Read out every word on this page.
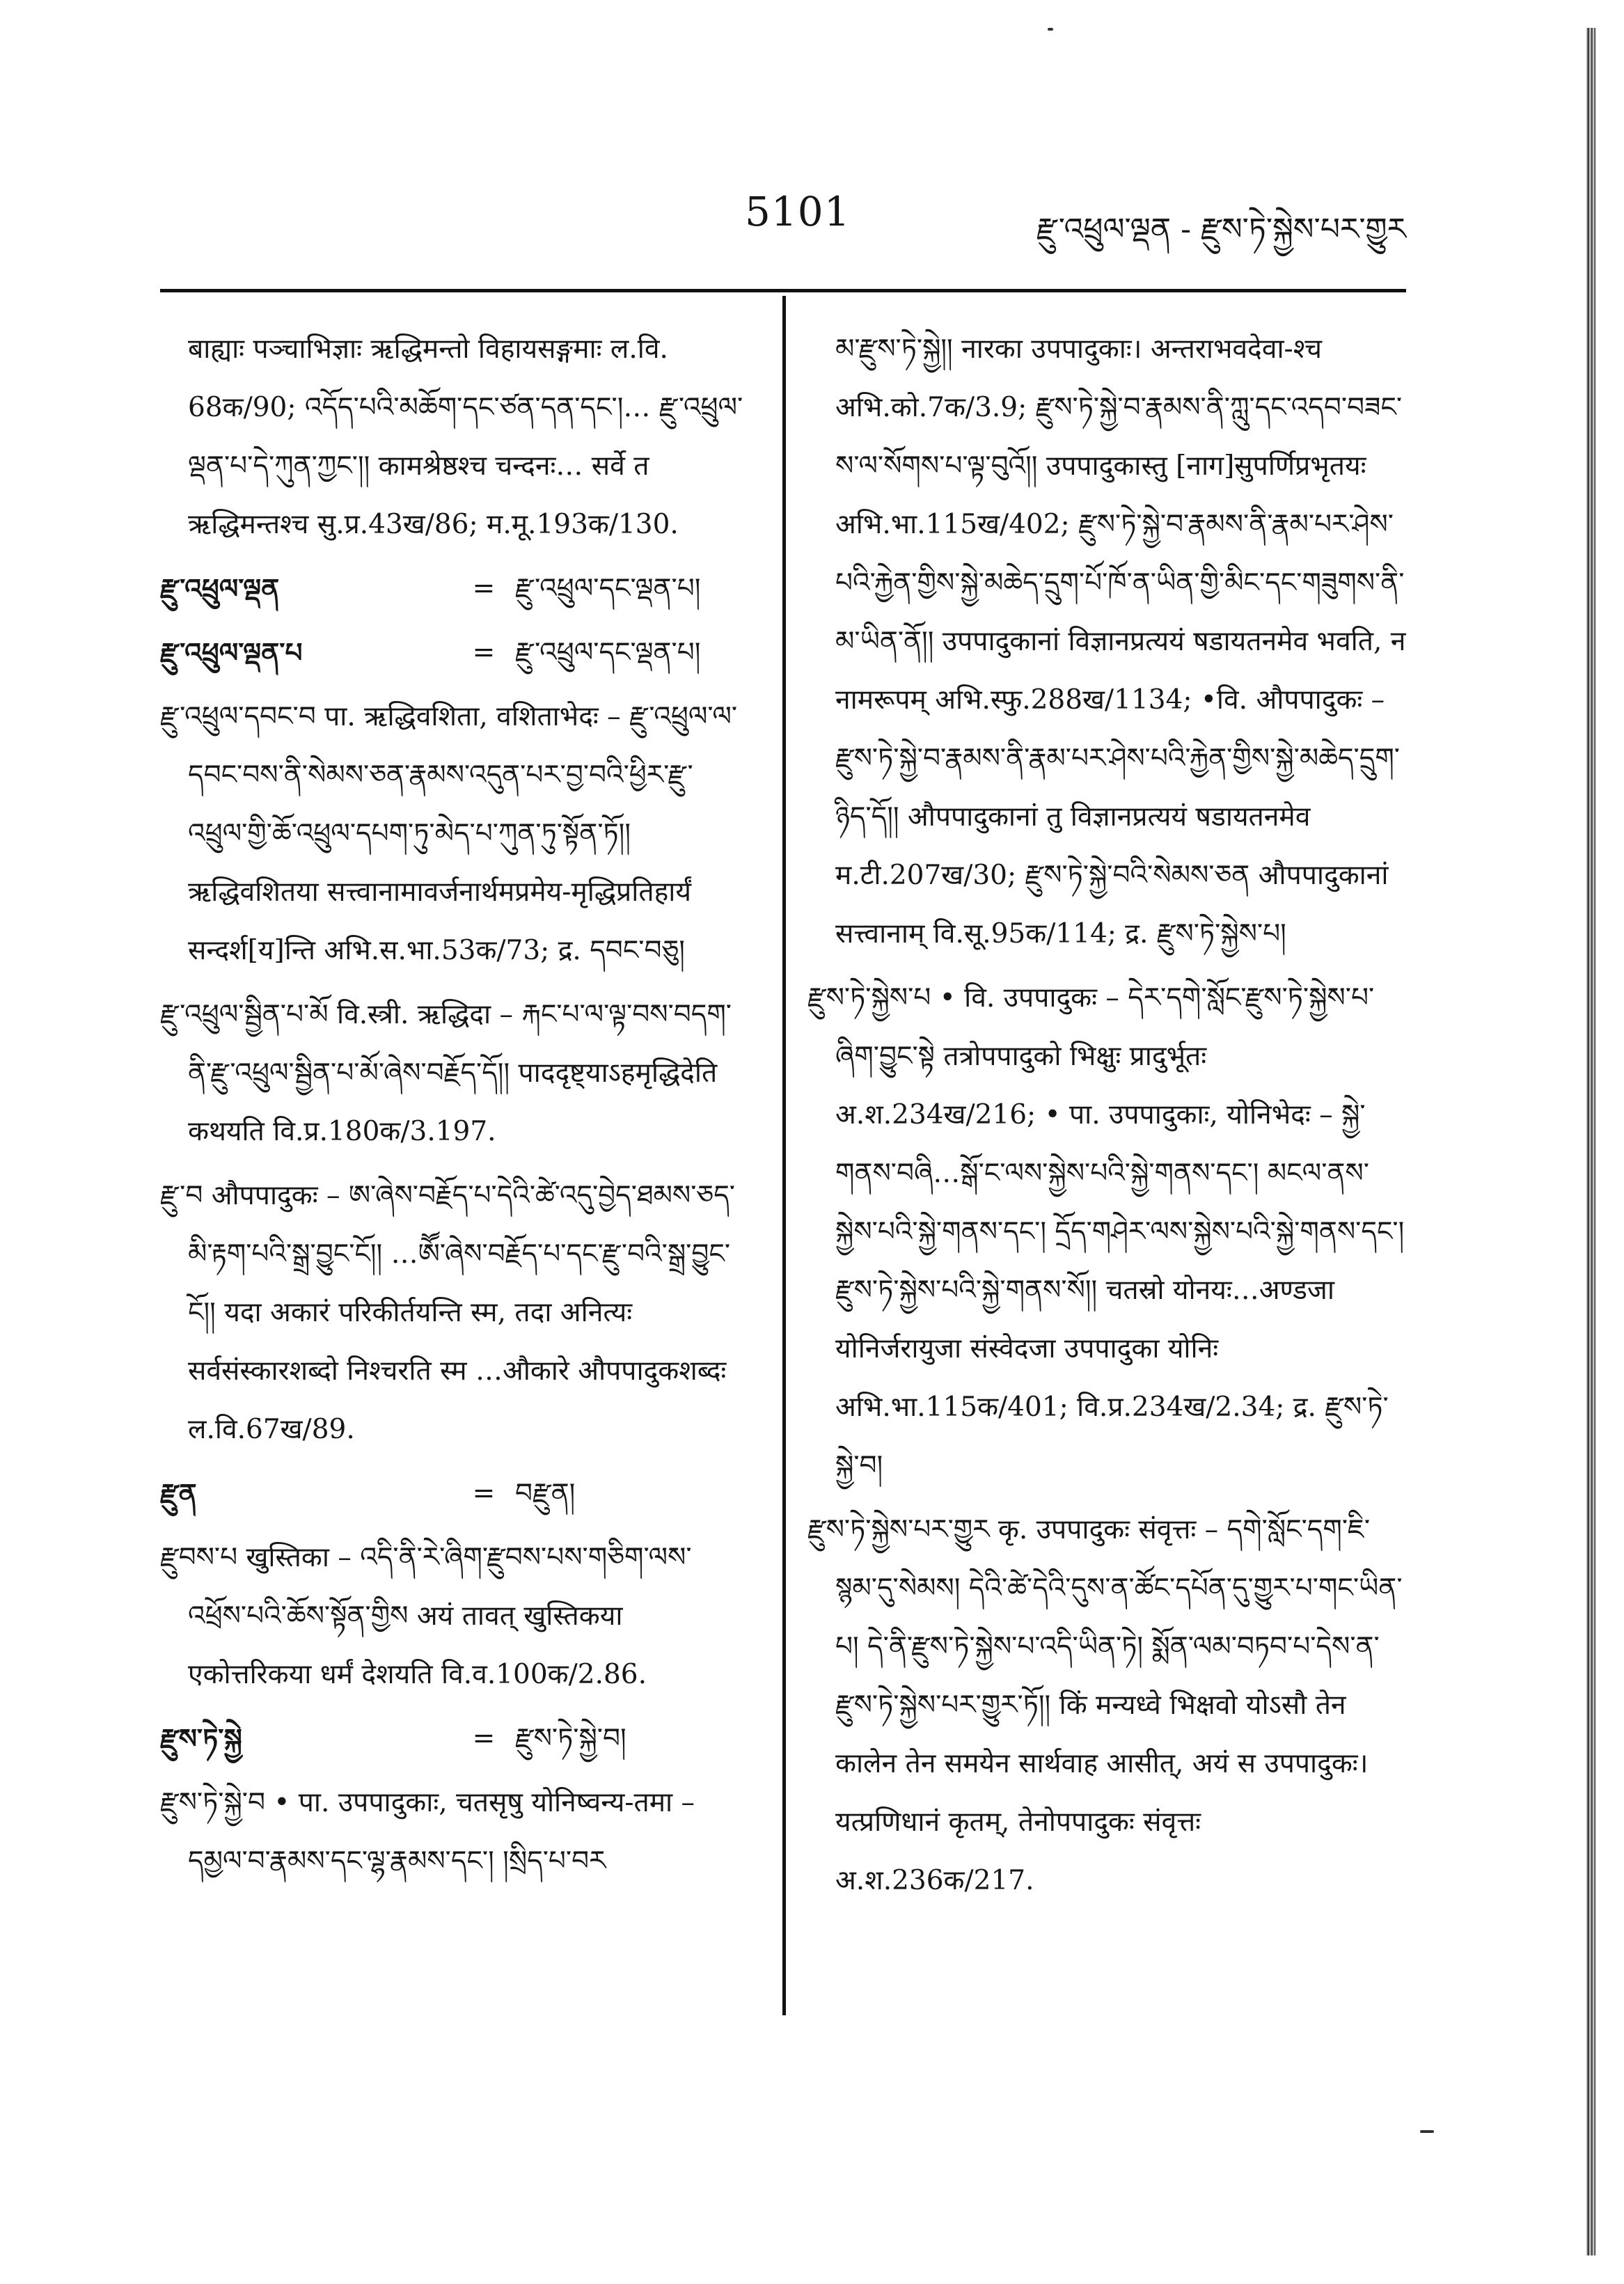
5101	རྫུ་འཕྲུལ་ལྡན - རྫུས་ཏེ་སྐྱེས་པར་གྱུར

बाह्याः पञ्चाभिज्ञाः ऋद्धिमन्तो विहायसङ्गमाः ल.वि. 68क/90; འདོད་པའི་མཆོག་དང་ཙན་དན་དང་།… རྫུ་འཕྲུལ་ལྡན་པ་དེ་ཀུན་ཀྱང་།། कामश्रेष्ठश्च चन्दनः… सर्वे त ऋद्धिमन्तश्च सु.प्र.43ख/86; म.मू.193क/130.

རྫུ་འཕྲུལ་ལྡན	= རྫུ་འཕྲུལ་དང་ལྡན་པ།
རྫུ་འཕྲུལ་ལྡན་པ	= རྫུ་འཕྲུལ་དང་ལྡན་པ།

རྫུ་འཕྲུལ་དབང་བ पा. ऋद्धिवशिता, वशिताभेदः – རྫུ་འཕྲུལ་ལ་དབང་བས་ནི་སེམས་ཅན་རྣམས་འདུན་པར་བྱ་བའི་ཕྱིར་རྫུ་འཕྲུལ་གྱི་ཆོ་འཕྲུལ་དཔག་ཏུ་མེད་པ་ཀུན་ཏུ་སྟོན་ཏོ།། ऋद्धिवशितया सत्त्वानामावर्जनार्थमप्रमेय-मृद्धिप्रतिहार्यं सन्दर्श[य]न्ति अभि.स.भा.53क/73; द्र. དབང་བཅུ།

རྫུ་འཕྲུལ་སྦྱིན་པ་མོ वि.स्त्री. ऋद्धिदा – རྐང་པ་ལ་ལྟ་བས་བདག་ནི་རྫུ་འཕྲུལ་སྦྱིན་པ་མོ་ཞེས་བརྗོད་དོ།། पाददृष्ट्याऽहमृद्धिदेति कथयति वि.प्र.180क/3.197.

རྫུ་བ औपपादुकः – ཨ་ཞེས་བརྗོད་པ་དེའི་ཚེ་འདུ་བྱེད་ཐམས་ཅད་མི་རྟག་པའི་སྒྲ་བྱུང་ངོ།། …ཨཽ་ཞེས་བརྗོད་པ་དང་རྫུ་བའི་སྒྲ་བྱུང་ངོ།། यदा अकारं परिकीर्तयन्ति स्म, तदा अनित्यः सर्वसंस्कारशब्दो निश्चरति स्म …औकारे औपपादुकशब्दः ल.वि.67ख/89.

རྫུན	= བརྫུན།

རྫུབས་པ खुस्तिका – འདི་ནི་རེ་ཞིག་རྫུབས་པས་གཅིག་ལས་འཕྲོས་པའི་ཆོས་སྟོན་གྱིས अयं तावत् खुस्तिकया एकोत्तरिकया धर्मं देशयति वि.व.100क/2.86.

རྫུས་ཏེ་སྐྱེ	= རྫུས་ཏེ་སྐྱེ་བ།

རྫུས་ཏེ་སྐྱེ་བ • पा. उपपादुकाः, चतसृषु योनिष्वन्य-तमा – དམྱལ་བ་རྣམས་དང་ལྷ་རྣམས་དང་། །སྲིད་པ་བར

མ་རྫུས་ཏེ་སྐྱེ།། नारका उपपादुकाः। अन्तराभवदेवा-श्च अभि.को.7क/3.9; རྫུས་ཏེ་སྐྱེ་བ་རྣམས་ནི་ཀླུ་དང་འདབ་བཟང་ས་ལ་སོགས་པ་ལྟ་བུའོ།། उपपादुकास्तु [नाग]सुपर्णिप्रभृतयः अभि.भा.115ख/402; རྫུས་ཏེ་སྐྱེ་བ་རྣམས་ནི་རྣམ་པར་ཤེས་པའི་རྐྱེན་གྱིས་སྐྱེ་མཆེད་དྲུག་པོ་ཁོ་ན་ཡིན་གྱི་མིང་དང་གཟུགས་ནི་མ་ཡིན་ནོ།། उपपादुकानां विज्ञानप्रत्ययं षडायतनमेव भवति, न नामरूपम् अभि.स्फु.288ख/1134; •वि. औपपादुकः – རྫུས་ཏེ་སྐྱེ་བ་རྣམས་ནི་རྣམ་པར་ཤེས་པའི་རྐྱེན་གྱིས་སྐྱེ་མཆེད་དྲུག་ཉིད་དོ།། औपपादुकानां तु विज्ञानप्रत्ययं षडायतनमेव म.टी.207ख/30; རྫུས་ཏེ་སྐྱེ་བའི་སེམས་ཅན औपपादुकानां सत्त्वानाम् वि.सू.95क/114; द्र. རྫུས་ཏེ་སྐྱེས་པ།

རྫུས་ཏེ་སྐྱེས་པ • वि. उपपादुकः – དེར་དགེ་སློང་རྫུས་ཏེ་སྐྱེས་པ་ཞིག་བྱུང་སྟེ तत्रोपपादुको भिक्षुः प्रादुर्भूतः अ.श.234ख/216; • पा. उपपादुकाः, योनिभेदः – སྐྱེ་གནས་བཞི…སྒོ་ང་ལས་སྐྱེས་པའི་སྐྱེ་གནས་དང་། མངལ་ནས་སྐྱེས་པའི་སྐྱེ་གནས་དང་། དྲོད་གཤེར་ལས་སྐྱེས་པའི་སྐྱེ་གནས་དང་། རྫུས་ཏེ་སྐྱེས་པའི་སྐྱེ་གནས་སོ།། चतस्रो योनयः…अण्डजा योनिर्जरायुजा संस्वेदजा उपपादुका योनिः अभि.भा.115क/401; वि.प्र.234ख/2.34; द्र. རྫུས་ཏེ་སྐྱེ་བ།

རྫུས་ཏེ་སྐྱེས་པར་གྱུར कृ. उपपादुकः संवृत्तः – དགེ་སློང་དག་ཇི་སྙམ་དུ་སེམས། དེའི་ཚེ་དེའི་དུས་ན་ཚོང་དཔོན་དུ་གྱུར་པ་གང་ཡིན་པ། དེ་ནི་རྫུས་ཏེ་སྐྱེས་པ་འདི་ཡིན་ཏེ། སྨོན་ལམ་བཏབ་པ་དེས་ན་རྫུས་ཏེ་སྐྱེས་པར་གྱུར་ཏོ།། किं मन्यध्वे भिक्षवो योऽसौ तेन कालेन तेन समयेन सार्थवाह आसीत्, अयं स उपपादुकः। यत्प्रणिधानं कृतम्, तेनोपपादुकः संवृत्तः अ.श.236क/217.
